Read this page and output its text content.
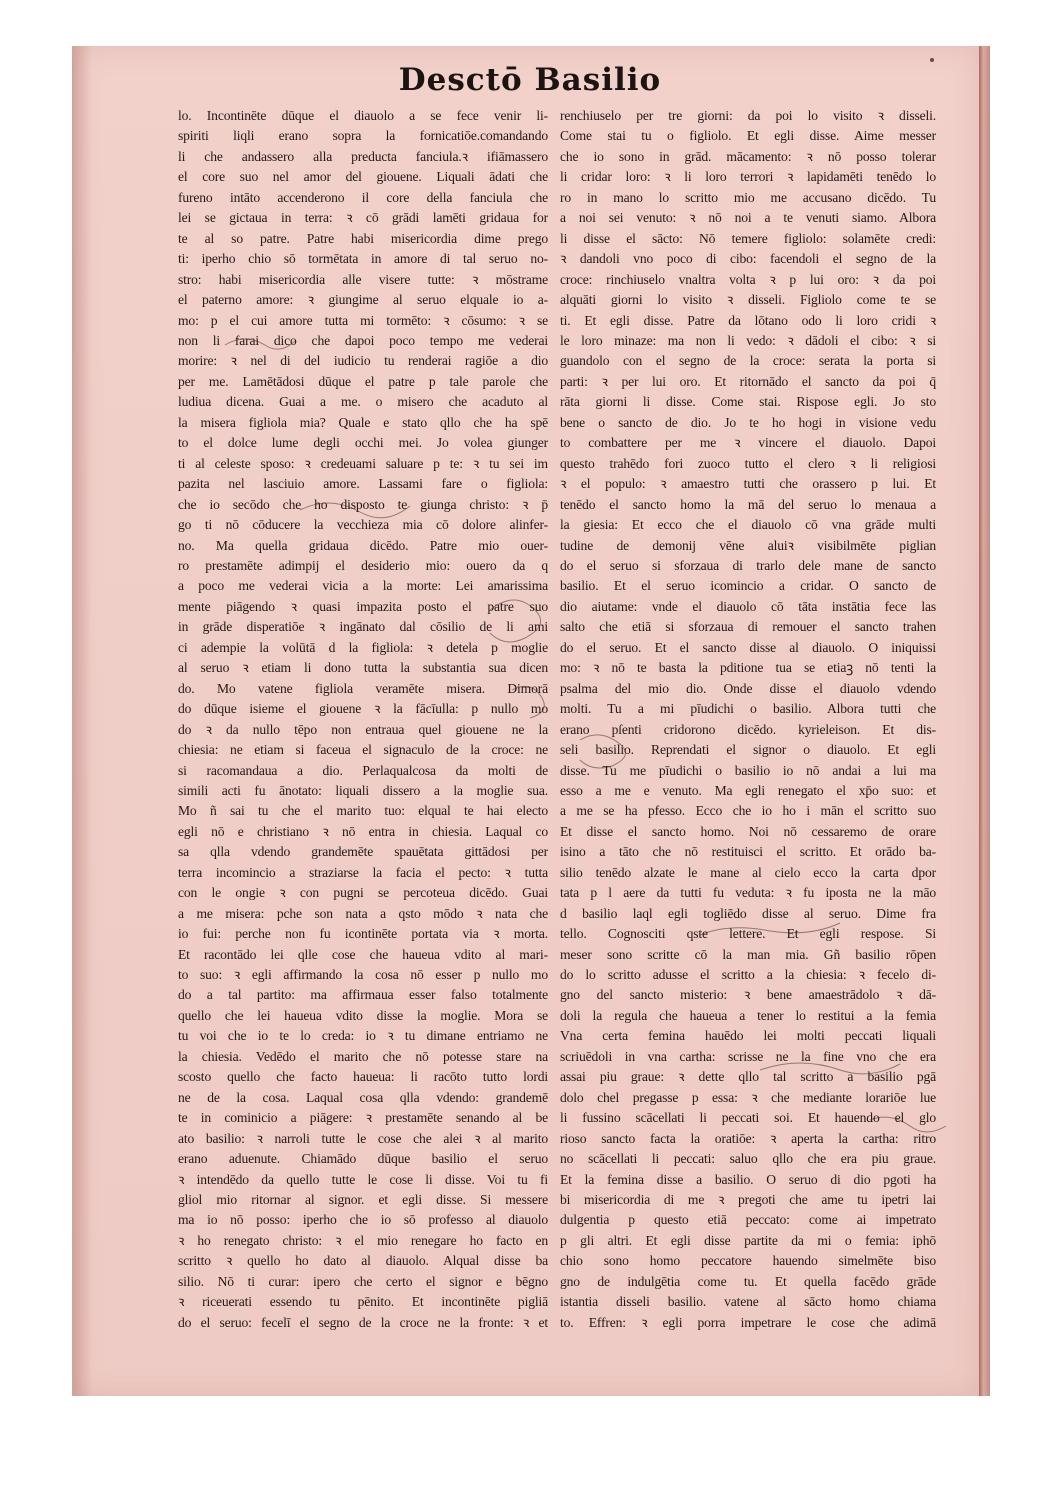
Desctō Basilio
lo. Incontinēte dūque el diauolo a se fece venir li-
spiriti liqli erano sopra la fornicatiōe.comandando
li che andassero alla preducta fanciula.ꝛ ifiāmassero
el core suo nel amor del giouene. Liquali ādati che
fureno intāto accenderono il core della fanciula che
lei se gictaua in terra: ꝛ cō grādi lamēti gridaua for
te al so patre. Patre habi misericordia dime prego
ti: iperho chio sō tormētata in amore di tal seruo no-
stro: habi misericordia alle visere tutte: ꝛ mōstrame
el paterno amore: ꝛ giungime al seruo elquale io a-
mo: p el cui amore tutta mi tormēto: ꝛ cōsumo: ꝛ se
non li farai dico che dapoi poco tempo me vederai
morire: ꝛ nel di del iudicio tu renderai ragiōe a dio
per me. Lamētādosi dūque el patre p tale parole che
ludiua dicena. Guai a me. o misero che acaduto al
la misera figliola mia? Quale e stato qllo che ha spē
to el dolce lume degli occhi mei. Jo volea giunger
ti al celeste sposo: ꝛ credeuami saluare p te: ꝛ tu sei im
pazita nel lasciuio amore. Lassami fare o figliola:
che io secōdo che ho disposto te giunga christo: ꝛ p̄
go ti nō cōducere la vecchieza mia cō dolore alinfer-
no. Ma quella gridaua dicēdo. Patre mio ouer-
ro prestamēte adimpij el desiderio mio: ouero da q
a poco me vederai vicia a la morte: Lei amarissima
mente piāgendo ꝛ quasi impazita posto el patre suo
in grāde disperatiōe ꝛ ingānato dal cōsilio de li ami
ci adempie la volūtā d la figliola: ꝛ detela p moglie
al seruo ꝛ etiam li dono tutta la substantia sua dicen
do. Mo vatene figliola veramēte misera. Dimorā
do dūque isieme el giouene ꝛ la fācīulla: p nullo mo
do ꝛ da nullo tēpo non entraua quel giouene ne la
chiesia: ne etiam si faceua el signaculo de la croce: ne
si racomandaua a dio. Perlaqualcosa da molti de
simili acti fu ānotato: liquali dissero a la moglie sua.
Mo ñ sai tu che el marito tuo: elqual te hai electo
egli nō e christiano ꝛ nō entra in chiesia. Laqual co
sa qlla vdendo grandemēte spauētata gittādosi per
terra incomincio a straziarse la facia el pecto: ꝛ tutta
con le ongie ꝛ con pugni se percoteua dicēdo. Guai
a me misera: pche son nata a qsto mōdo ꝛ nata che
io fui: perche non fu icontinēte portata via ꝛ morta.
Et racontādo lei qlle cose che haueua vdito al mari-
to suo: ꝛ egli affirmando la cosa nō esser p nullo mo
do a tal partito: ma affirmaua esser falso totalmente
quello che lei haueua vdito disse la moglie. Mora se
tu voi che io te lo creda: io ꝛ tu dimane entriamo ne
la chiesia. Vedēdo el marito che nō potesse stare na
scosto quello che facto haueua: li racōto tutto lordi
ne de la cosa. Laqual cosa qlla vdendo: grandemē
te in cominicio a piāgere: ꝛ prestamēte senando al be
ato basilio: ꝛ narroli tutte le cose che alei ꝛ al marito
erano aduenute. Chiamādo dūque basilio el seruo
ꝛ intendēdo da quello tutte le cose li disse. Voi tu fi
gliol mio ritornar al signor. et egli disse. Si messere
ma io nō posso: iperho che io sō professo al diauolo
ꝛ ho renegato christo: ꝛ el mio renegare ho facto en
scritto ꝛ quello ho dato al diauolo. Alqual disse ba
silio. Nō ti curar: ipero che certo el signor e bēgno
ꝛ riceuerati essendo tu pēnito. Et incontinēte pigliā
do el seruo: fecelī el segno de la croce ne la fronte: ꝛ et
renchiuselo per tre giorni: da poi lo visito ꝛ disseli.
Come stai tu o figliolo. Et egli disse. Aime messer
che io sono in grād. mācamento: ꝛ nō posso tolerar
li cridar loro: ꝛ li loro terrori ꝛ lapidamēti tenēdo lo
ro in mano lo scritto mio me accusano dicēdo. Tu
a noi sei venuto: ꝛ nō noi a te venuti siamo. Albora
li disse el sācto: Nō temere figliolo: solamēte credi:
ꝛ dandoli vno poco di cibo: facendoli el segno de la
croce: rinchiuselo vnaltra volta ꝛ p lui oro: ꝛ da poi
alquāti giorni lo visito ꝛ disseli. Figliolo come te se
ti. Et egli disse. Patre da lōtano odo li loro cridi ꝛ
le loro minaze: ma non li vedo: ꝛ dādoli el cibo: ꝛ si
guandolo con el segno de la croce: serata la porta si
parti: ꝛ per lui oro. Et ritornādo el sancto da poi q̄
rāta giorni li disse. Come stai. Rispose egli. Jo sto
bene o sancto de dio. Jo te ho hogi in visione vedu
to combattere per me ꝛ vincere el diauolo. Dapoi
questo trahēdo fori zuoco tutto el clero ꝛ li religiosi
ꝛ el populo: ꝛ amaestro tutti che orassero p lui. Et
tenēdo el sancto homo la mā del seruo lo menaua a
la giesia: Et ecco che el diauolo cō vna grāde multi
tudine de demonij vēne aluiꝛ visibilmēte piglian
do el seruo si sforzaua di trarlo dele mane de sancto
basilio. Et el seruo icomincio a cridar. O sancto de
dio aiutame: vnde el diauolo cō tāta instātia fece las
salto che etiā si sforzaua di remouer el sancto trahen
do el seruo. Et el sancto disse al diauolo. O iniquissi
mo: ꝛ nō te basta la pditione tua se etiaꝫ nō tenti la
psalma del mio dio. Onde disse el diauolo vdendo
molti. Tu a mi pīudichi o basilio. Albora tutti che
erano pſenti cridorono dicēdo. kyrieleison. Et dis-
seli basilio. Reprendati el signor o diauolo. Et egli
disse. Tu me pīudichi o basilio io nō andai a lui ma
esso a me e venuto. Ma egli renegato el xp̄o suo: et
a me se ha pfesso. Ecco che io ho i mān el scritto suo
Et disse el sancto homo. Noi nō cessaremo de orare
isino a tāto che nō restituisci el scritto. Et orādo ba-
silio tenēdo alzate le mane al cielo ecco la carta dpor
tata p l aere da tutti fu veduta: ꝛ fu iposta ne la māo
d basilio laql egli togliēdo disse al seruo. Dime fra
tello. Cognosciti qste lettere. Et egli respose. Si
meser sono scritte cō la man mia. Gñ basilio rōpen
do lo scritto adusse el scritto a la chiesia: ꝛ fecelo di-
gno del sancto misterio: ꝛ bene amaestrādolo ꝛ dā-
doli la regula che haueua a tener lo restitui a la femia
Vna certa femina hauēdo lei molti peccati liquali
scriuēdoli in vna cartha: scrisse ne la fine vno che era
assai piu graue: ꝛ dette qllo tal scritto a basilio pgā
dolo chel pregasse p essa: ꝛ che mediante lorariōe lue
li fussino scācellati li peccati soi. Et hauendo el glo
rioso sancto facta la oratiōe: ꝛ aperta la cartha: ritro
no scācellati li peccati: saluo qllo che era piu graue.
Et la femina disse a basilio. O seruo di dio pgoti ha
bi misericordia di me ꝛ pregoti che ame tu ipetri lai
dulgentia p questo etiā peccato: come ai impetrato
p gli altri. Et egli disse partite da mi o femia: iphō
chio sono homo peccatore hauendo simelmēte biso
gno de indulgētia come tu. Et quella facēdo grāde
istantia disseli basilio. vatene al sācto homo chiama
to. Effren: ꝛ egli porra impetrare le cose che adimā
